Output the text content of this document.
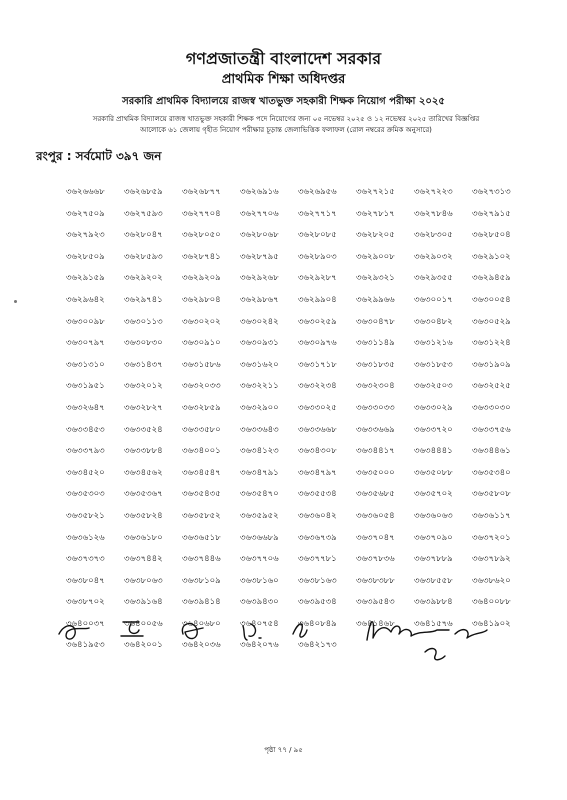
গণপ্রজাতন্ত্রী বাংলাদেশ সরকার
প্রাথমিক শিক্ষা অধিদপ্তর
সরকারি প্রাথমিক বিদ্যালয়ে রাজস্ব খাতভুক্ত সহকারী শিক্ষক নিয়োগ পরীক্ষা ২০২৫
সরকারি প্রাথমিক বিদ্যালয়ে রাজস্ব খাতভুক্ত সহকারী শিক্ষক পদে নিয়োগের জন্য ০৫ নভেম্বর ২০২৫ ও ১২ নভেম্বর ২০২৫ তারিখের বিজ্ঞপ্তির
আলোকে ৬১ জেলায় গৃহীত নিয়োগ পরীক্ষার চূড়ান্ত জেলাভিত্তিক ফলাফল (রোল নম্বরের ক্রমিক অনুসারে)
রংপুর : সর্বমোট ৩৯৭ জন
৩৬২৬৬৬৮	৩৬২৬৮৫৯	৩৬২৬৮৭৭	৩৬২৬৯১৬	৩৬২৬৯৫৬	৩৬২৭২১৫	৩৬২৭২২৩	৩৬২৭৩১৩
৩৬২৭৫০৯	৩৬২৭৫৯৩	৩৬২৭৭০৪	৩৬২৭৭০৬	৩৬২৭৭১৭	৩৬২৭৮১৭	৩৬২৭৮৪৬	৩৬২৭৯১৫
৩৬২৭৯২৩	৩৬২৮০৪৭	৩৬২৮০৫০	৩৬২৮০৬৮	৩৬২৮০৮৫	৩৬২৮২০৫	৩৬২৮৩০৫	৩৬২৮৫০৪
৩৬২৮৫০৯	৩৬২৮৫৯৩	৩৬২৮৭৪১	৩৬২৮৭৯৫	৩৬২৮৯০৩	৩৬২৯০০৮	৩৬২৯০৩২	৩৬২৯১০২
৩৬২৯১৫৯	৩৬২৯২০২	৩৬২৯২০৯	৩৬২৯২৬৮	৩৬২৯২৮৭	৩৬২৯৩২১	৩৬২৯৩৫৫	৩৬২৯৪৫৯
৩৬২৯৬৪২	৩৬২৯৭৪১	৩৬২৯৮০৪	৩৬২৯৮৬৭	৩৬২৯৯০৪	৩৬২৯৯৬৬	৩৬৩০০১৭	৩৬৩০০৫৪
৩৬৩০০৯৮	৩৬৩০১১৩	৩৬৩০২০২	৩৬৩০২৪২	৩৬৩০২৫৯	৩৬৩০৪৭৮	৩৬৩০৪৮২	৩৬৩০৫২৯
৩৬৩০৭৯৭	৩৬৩০৮৩০	৩৬৩০৯১০	৩৬৩০৯৩১	৩৬৩০৯৭৬	৩৬৩১১৪৯	৩৬৩১২১৬	৩৬৩১২২৪
৩৬৩১৩১০	৩৬৩১৪৩৭	৩৬৩১৫৮৬	৩৬৩১৬২০	৩৬৩১৭১৮	৩৬৩১৮৩৫	৩৬৩১৮৫৩	৩৬৩১৯০৯
৩৬৩১৯৫১	৩৬৩২০১২	৩৬৩২০৩৩	৩৬৩২২১১	৩৬৩২২৩৪	৩৬৩২৩০৪	৩৬৩২৫০৩	৩৬৩২৫২৫
৩৬৩২৬৪৭	৩৬৩২৮২৭	৩৬৩২৮৫৯	৩৬৩২৯০০	৩৬৩৩০২৫	৩৬৩৩০৩৩	৩৬৩৩০২৯	৩৬৩৩০৩০
৩৬৩৩৪৫৩	৩৬৩৩৫২৪	৩৬৩৩৫৮০	৩৬৩৩৬৪৩	৩৬৩৩৬৬৮	৩৬৩৩৬৬৯	৩৬৩৩৭২০	৩৬৩৩৭৫৬
৩৬৩৩৭৯৩	৩৬৩৩৮৮৪	৩৬৩৪০০১	৩৬৩৪১২৩	৩৬৩৪৩০৮	৩৬৩৪৪১৭	৩৬৩৪৪৪১	৩৬৩৪৪৬১
৩৬৩৪৫২০	৩৬৩৪৫৬২	৩৬৩৪৫৪৭	৩৬৩৪৭৯১	৩৬৩৪৭৯৭	৩৬৩৫০০০	৩৬৩৫০৮৮	৩৬৩৫৩৪০
৩৬৩৫৩০৩	৩৬৩৫৩৬৭	৩৬৩৫৪৩৫	৩৬৩৫৪৭০	৩৬৩৫৫৩৪	৩৬৩৫৬৮৫	৩৬৩৫৭০২	৩৬৩৫৮০৮
৩৬৩৫৮২১	৩৬৩৫৮২৪	৩৬৩৫৮৫২	৩৬৩৫৯৫২	৩৬৩৬০৪২	৩৬৩৬০৫৪	৩৬৩৬০৬৩	৩৬৩৬১১৭
৩৬৩৬১২৬	৩৬৩৬১৮০	৩৬৩৬৫১৮	৩৬৩৬৬৮৯	৩৬৩৬৭৩৯	৩৬৩৭০৪৭	৩৬৩৭০৯০	৩৬৩৭২০১
৩৬৩৭৩৭৩	৩৬৩৭৪৪২	৩৬৩৭৪৪৬	৩৬৩৭৭০৬	৩৬৩৭৭৮১	৩৬৩৭৮৩৬	৩৬৩৭৮৮৯	৩৬৩৭৮৯২
৩৬৩৮০৪৭	৩৬৩৮০৬৩	৩৬৩৮১০৯	৩৬৩৮১৬০	৩৬৩৮১৬৩	৩৬৩৮৩৮৮	৩৬৩৮৫৫৮	৩৬৩৮৬২০
৩৬৩৮৭০২	৩৬৩৯১৬৪	৩৬৩৯৪১৪	৩৬৩৯৪৩০	৩৬৩৯৫৩৪	৩৬৩৯৫৪৩	৩৬৩৯৮৮৪	৩৬৪০০৮৮
৩৬৪০০৩৭	৩৬৪০০৫৬	৩৬৪০৬৮০	৩৬৪০৭৫৪	৩৬৪০৮৪৯	৩৬৪১৪৬৮	৩৬৪১৫৭৬	৩৬৪১৯০২
৩৬৪১৯৫৩	৩৬৪২০০১	৩৬৪২০৩৬	৩৬৪২০৭৬	৩৬৪২১৭৩
পৃষ্ঠা ৭৭ / ৯৫
